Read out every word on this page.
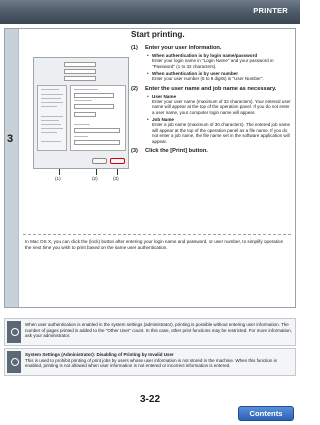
PRINTER
3
(1)	(2)	(3)
In Mac OS X, you can click the (lock) button after entering your login name and password, or user number, to simplify operation the next time you wish to print based on the same user authentication.
Start printing.
(1)	Enter your user information.
• When authentication is by login name/password
Enter your login name in "Login Name" and your password in "Password" (1 to 32 characters).
• When authentication is by user number
Enter your user number (5 to 8 digits) in "User Number".
(2)	Enter the user name and job name as necessary.
• User Name
Enter your user name (maximum of 32 characters). Your entered user name will appear at the top of the operation panel. If you do not enter a user name, your computer login name will appear.
• Job Name
Enter a job name (maximum of 30 characters). The entered job name will appear at the top of the operation panel as a file name. If you do not enter a job name, the file name set in the software application will appear.
(3)	Click the [Print] button.
When user authentication is enabled in the system settings (administrator), printing is possible without entering user information. The number of pages printed is added to the "Other User" count. In this case, other print functions may be restricted. For more information, ask your administrator.
System Settings (Administrator): Disabling of Printing by Invalid User
This is used to prohibit printing of print jobs by users whose user information is not stored in the machine. When this function is enabled, printing is not allowed when user information is not entered or incorrect information is entered.
3-22
Contents
